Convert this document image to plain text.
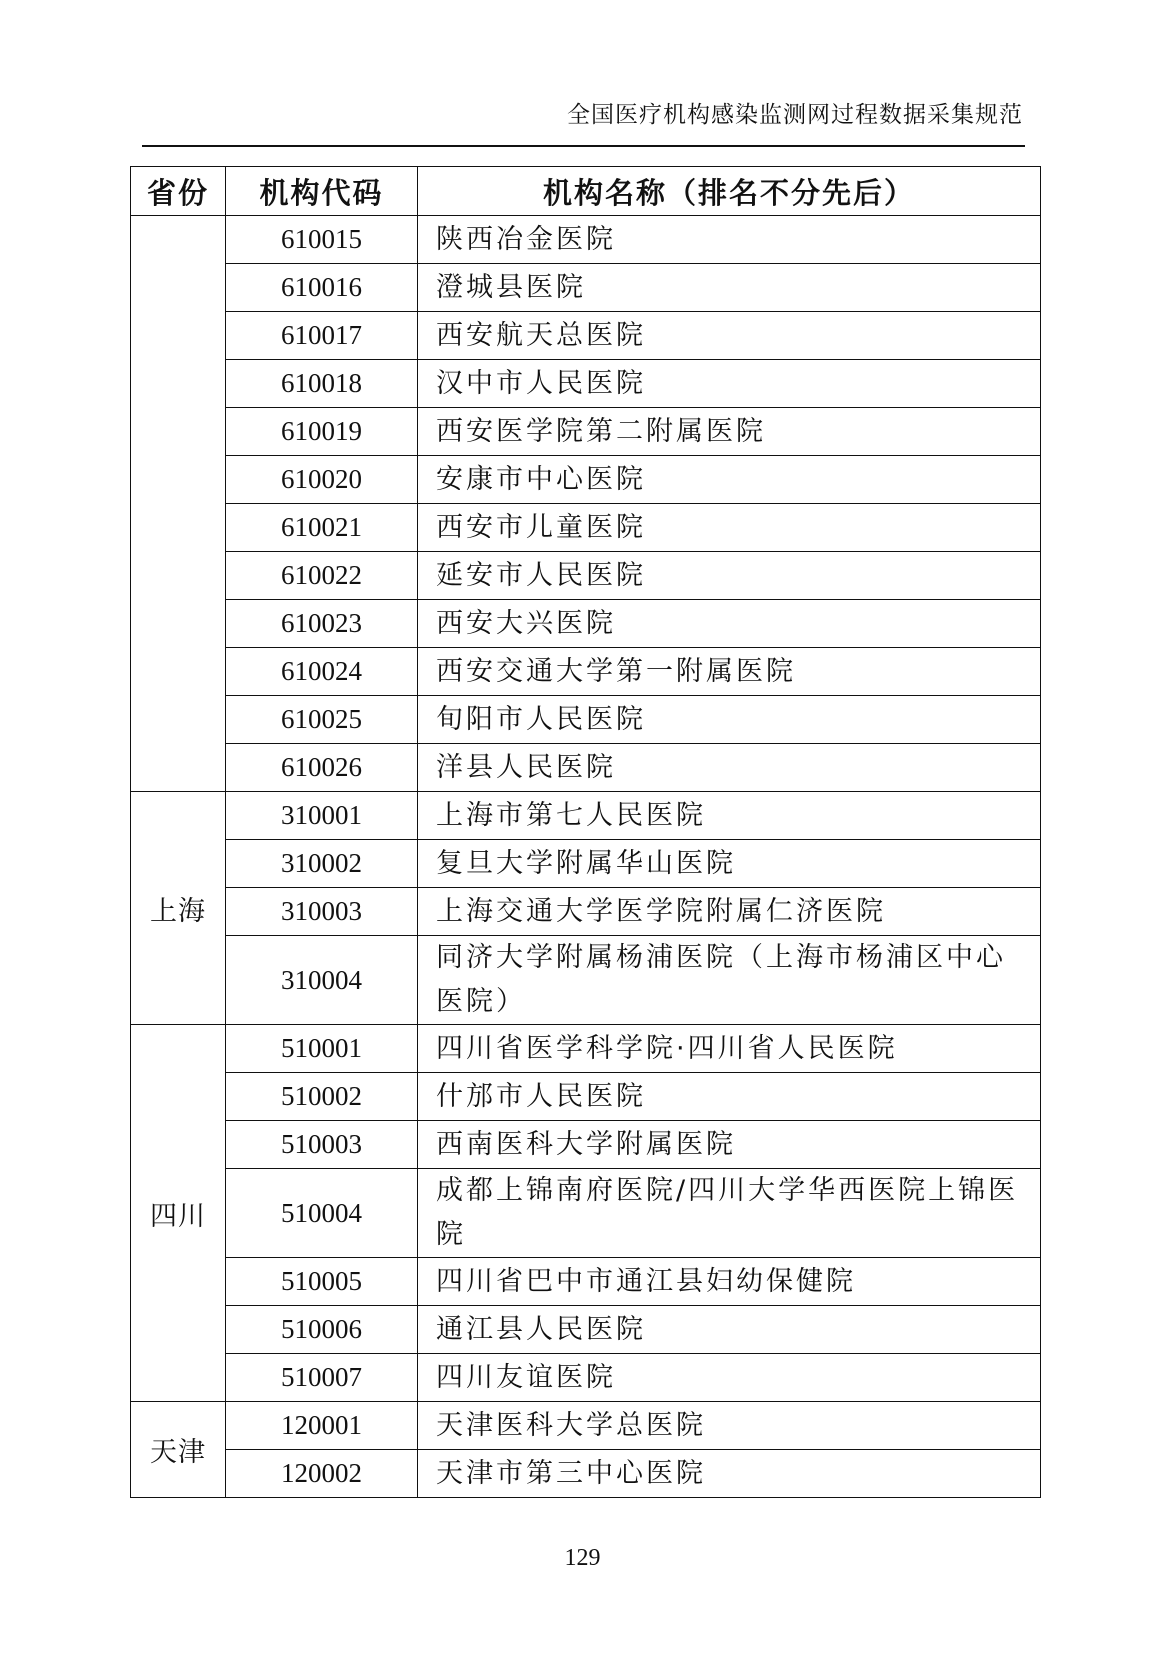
全国医疗机构感染监测网过程数据采集规范
省份	机构代码	机构名称（排名不分先后）
	610015	陕西冶金医院
	610016	澄城县医院
	610017	西安航天总医院
	610018	汉中市人民医院
	610019	西安医学院第二附属医院
	610020	安康市中心医院
	610021	西安市儿童医院
	610022	延安市人民医院
	610023	西安大兴医院
	610024	西安交通大学第一附属医院
	610025	旬阳市人民医院
	610026	洋县人民医院
上海	310001	上海市第七人民医院
	310002	复旦大学附属华山医院
	310003	上海交通大学医学院附属仁济医院
	310004	同济大学附属杨浦医院（上海市杨浦区中心医院）
四川	510001	四川省医学科学院·四川省人民医院
	510002	什邡市人民医院
	510003	西南医科大学附属医院
	510004	成都上锦南府医院/四川大学华西医院上锦医院
	510005	四川省巴中市通江县妇幼保健院
	510006	通江县人民医院
	510007	四川友谊医院
天津	120001	天津医科大学总医院
	120002	天津市第三中心医院
129
